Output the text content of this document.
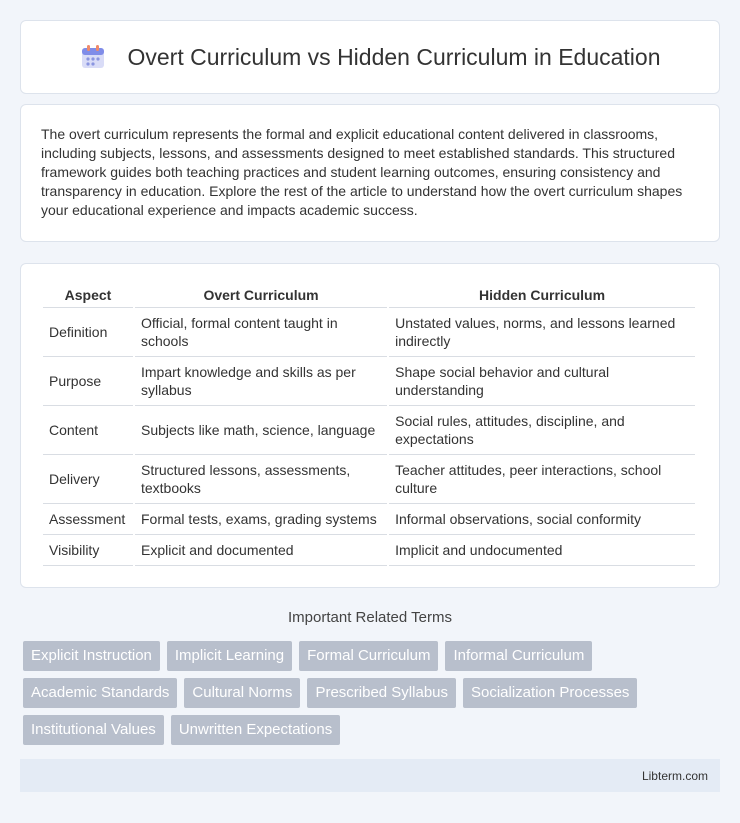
Overt Curriculum vs Hidden Curriculum in Education

The overt curriculum represents the formal and explicit educational content delivered in classrooms, including subjects, lessons, and assessments designed to meet established standards. This structured framework guides both teaching practices and student learning outcomes, ensuring consistency and transparency in education. Explore the rest of the article to understand how the overt curriculum shapes your educational experience and impacts academic success.

Aspect	Overt Curriculum	Hidden Curriculum
Definition	Official, formal content taught in schools	Unstated values, norms, and lessons learned indirectly
Purpose	Impart knowledge and skills as per syllabus	Shape social behavior and cultural understanding
Content	Subjects like math, science, language	Social rules, attitudes, discipline, and expectations
Delivery	Structured lessons, assessments, textbooks	Teacher attitudes, peer interactions, school culture
Assessment	Formal tests, exams, grading systems	Informal observations, social conformity
Visibility	Explicit and documented	Implicit and undocumented
Important Related Terms
Explicit Instruction	Implicit Learning	Formal Curriculum	Informal Curriculum
Academic Standards	Cultural Norms	Prescribed Syllabus	Socialization Processes
Institutional Values	Unwritten Expectations
Libterm.com
